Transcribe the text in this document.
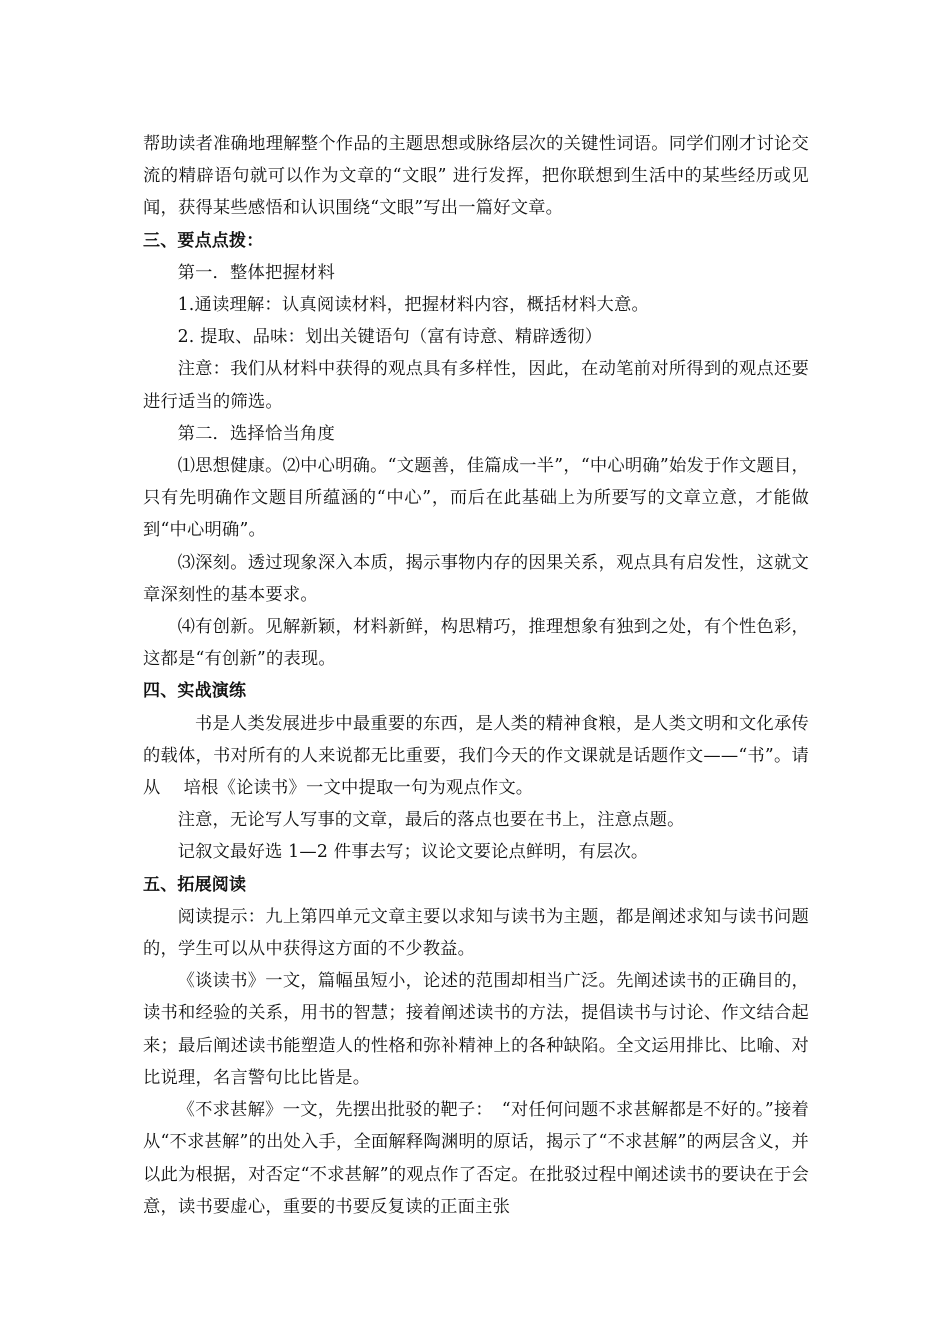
帮助读者准确地理解整个作品的主题思想或脉络层次的关键性词语。同学们刚才讨论交流的精辟语句就可以作为文章的“文眼” 进行发挥，把你联想到生活中的某些经历或见闻，获得某些感悟和认识围绕“文眼”写出一篇好文章。

三、要点点拨：

第一．整体把握材料

1.通读理解：认真阅读材料，把握材料内容，概括材料大意。

2. 提取、品味：划出关键语句（富有诗意、精辟透彻）

注意：我们从材料中获得的观点具有多样性，因此，在动笔前对所得到的观点还要进行适当的筛选。

第二．选择恰当角度

⑴思想健康。⑵中心明确。“文题善，佳篇成一半”，“中心明确”始发于作文题目，只有先明确作文题目所蕴涵的“中心”，而后在此基础上为所要写的文章立意，才能做到“中心明确”。

⑶深刻。透过现象深入本质，揭示事物内存的因果关系，观点具有启发性，这就文章深刻性的基本要求。

⑷有创新。见解新颖，材料新鲜，构思精巧，推理想象有独到之处，有个性色彩，这都是“有创新”的表现。

四、实战演练

书是人类发展进步中最重要的东西，是人类的精神食粮，是人类文明和文化承传的载体，书对所有的人来说都无比重要，我们今天的作文课就是话题作文——“书”。请从　 培根《论读书》一文中提取一句为观点作文。

注意，无论写人写事的文章，最后的落点也要在书上，注意点题。

记叙文最好选 1—2 件事去写；议论文要论点鲜明，有层次。

五、拓展阅读

阅读提示：九上第四单元文章主要以求知与读书为主题，都是阐述求知与读书问题的，学生可以从中获得这方面的不少教益。

《谈读书》一文，篇幅虽短小，论述的范围却相当广泛。先阐述读书的正确目的，读书和经验的关系，用书的智慧；接着阐述读书的方法，提倡读书与讨论、作文结合起来；最后阐述读书能塑造人的性格和弥补精神上的各种缺陷。全文运用排比、比喻、对比说理，名言警句比比皆是。

《不求甚解》一文，先摆出批驳的靶子：　“对任何问题不求甚解都是不好的。”接着从“不求甚解”的出处入手，全面解释陶渊明的原话，揭示了“不求甚解”的两层含义，并以此为根据，对否定“不求甚解”的观点作了否定。在批驳过程中阐述读书的要诀在于会意，读书要虚心，重要的书要反复读的正面主张
